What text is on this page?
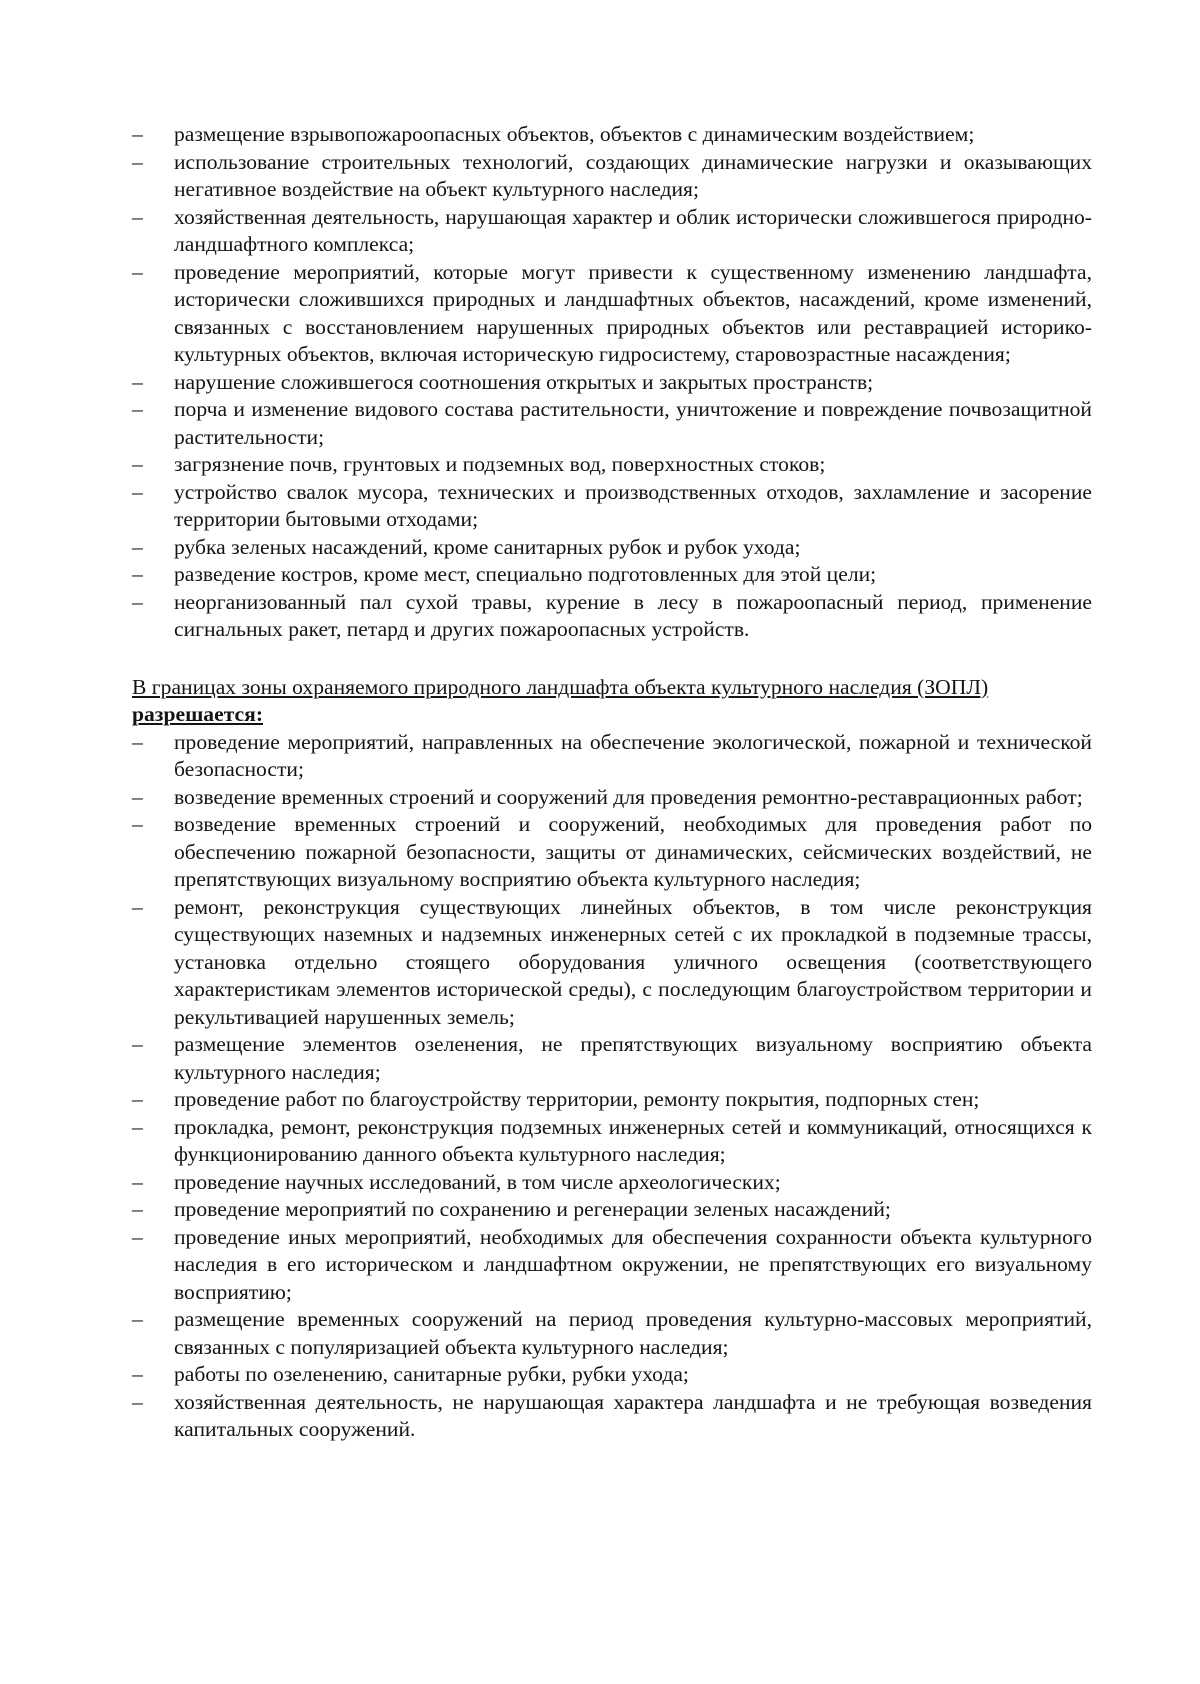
– размещение взрывопожароопасных объектов, объектов с динамическим воздействием;
– использование строительных технологий, создающих динамические нагрузки и оказывающих негативное воздействие на объект культурного наследия;
– хозяйственная деятельность, нарушающая характер и облик исторически сложившегося природно-ландшафтного комплекса;
– проведение мероприятий, которые могут привести к существенному изменению ландшафта, исторически сложившихся природных и ландшафтных объектов, насаждений, кроме изменений, связанных с восстановлением нарушенных природных объектов или реставрацией историко-культурных объектов, включая историческую гидросистему, старовозрастные насаждения;
– нарушение сложившегося соотношения открытых и закрытых пространств;
– порча и изменение видового состава растительности, уничтожение и повреждение почвозащитной растительности;
– загрязнение почв, грунтовых и подземных вод, поверхностных стоков;
– устройство свалок мусора, технических и производственных отходов, захламление и засорение территории бытовыми отходами;
– рубка зеленых насаждений, кроме санитарных рубок и рубок ухода;
– разведение костров, кроме мест, специально подготовленных для этой цели;
– неорганизованный пал сухой травы, курение в лесу в пожароопасный период, применение сигнальных ракет, петард и других пожароопасных устройств.
В границах зоны охраняемого природного ландшафта объекта культурного наследия (ЗОПЛ)
разрешается:
– проведение мероприятий, направленных на обеспечение экологической, пожарной и технической безопасности;
– возведение временных строений и сооружений для проведения ремонтно-реставрационных работ;
– возведение временных строений и сооружений, необходимых для проведения работ по обеспечению пожарной безопасности, защиты от динамических, сейсмических воздействий, не препятствующих визуальному восприятию объекта культурного наследия;
– ремонт, реконструкция существующих линейных объектов, в том числе реконструкция существующих наземных и надземных инженерных сетей с их прокладкой в подземные трассы, установка отдельно стоящего оборудования уличного освещения (соответствующего характеристикам элементов исторической среды), с последующим благоустройством территории и рекультивацией нарушенных земель;
– размещение элементов озеленения, не препятствующих визуальному восприятию объекта культурного наследия;
– проведение работ по благоустройству территории, ремонту покрытия, подпорных стен;
– прокладка, ремонт, реконструкция подземных инженерных сетей и коммуникаций, относящихся к функционированию данного объекта культурного наследия;
– проведение научных исследований, в том числе археологических;
– проведение мероприятий по сохранению и регенерации зеленых насаждений;
– проведение иных мероприятий, необходимых для обеспечения сохранности объекта культурного наследия в его историческом и ландшафтном окружении, не препятствующих его визуальному восприятию;
– размещение временных сооружений на период проведения культурно-массовых мероприятий, связанных с популяризацией объекта культурного наследия;
– работы по озеленению, санитарные рубки, рубки ухода;
– хозяйственная деятельность, не нарушающая характера ландшафта и не требующая возведения капитальных сооружений.
